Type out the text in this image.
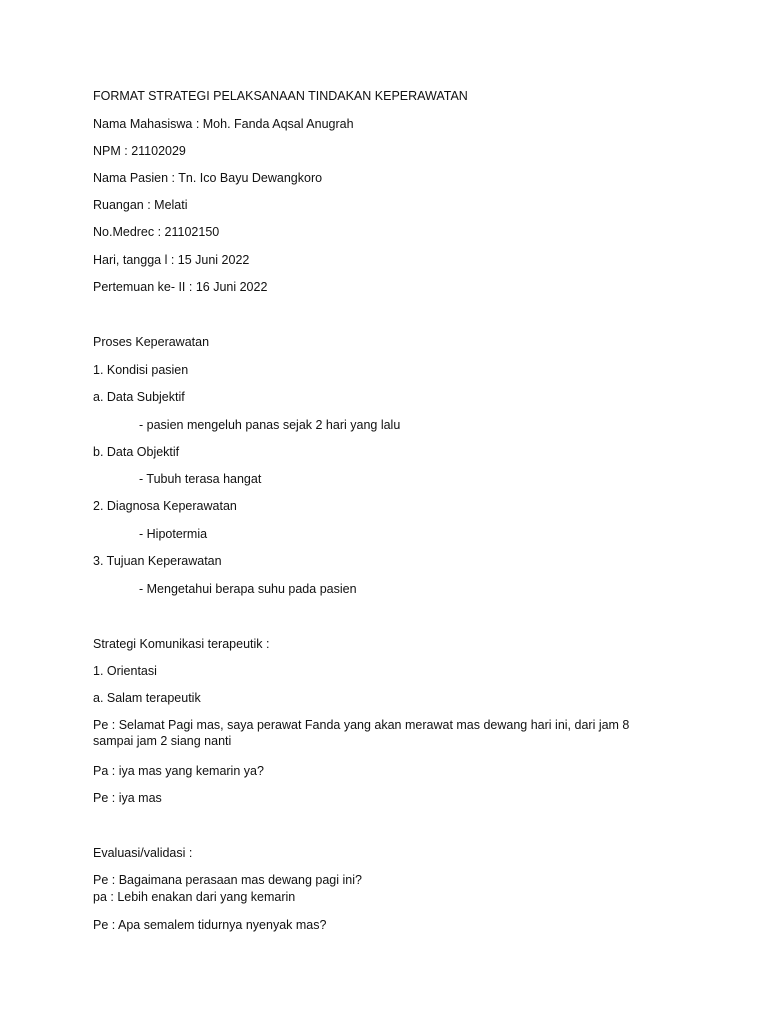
FORMAT STRATEGI PELAKSANAAN TINDAKAN KEPERAWATAN
Nama Mahasiswa : Moh. Fanda Aqsal Anugrah
NPM : 21102029
Nama Pasien : Tn. Ico Bayu Dewangkoro
Ruangan : Melati
No.Medrec : 21102150
Hari, tangga l : 15 Juni 2022
Pertemuan ke- II : 16 Juni 2022
Proses Keperawatan
1. Kondisi pasien
a. Data Subjektif
- pasien mengeluh panas sejak 2 hari yang lalu
b. Data Objektif
- Tubuh terasa hangat
2. Diagnosa Keperawatan
- Hipotermia
3. Tujuan Keperawatan
- Mengetahui berapa suhu pada pasien
Strategi Komunikasi terapeutik :
1. Orientasi
a. Salam terapeutik
Pe : Selamat Pagi mas, saya perawat Fanda yang akan merawat mas dewang hari ini, dari jam 8 sampai jam 2 siang nanti
Pa : iya mas yang kemarin ya?
Pe : iya mas
Evaluasi/validasi :
Pe : Bagaimana perasaan mas dewang pagi ini?
pa : Lebih enakan dari yang kemarin
Pe : Apa semalem tidurnya nyenyak mas?
